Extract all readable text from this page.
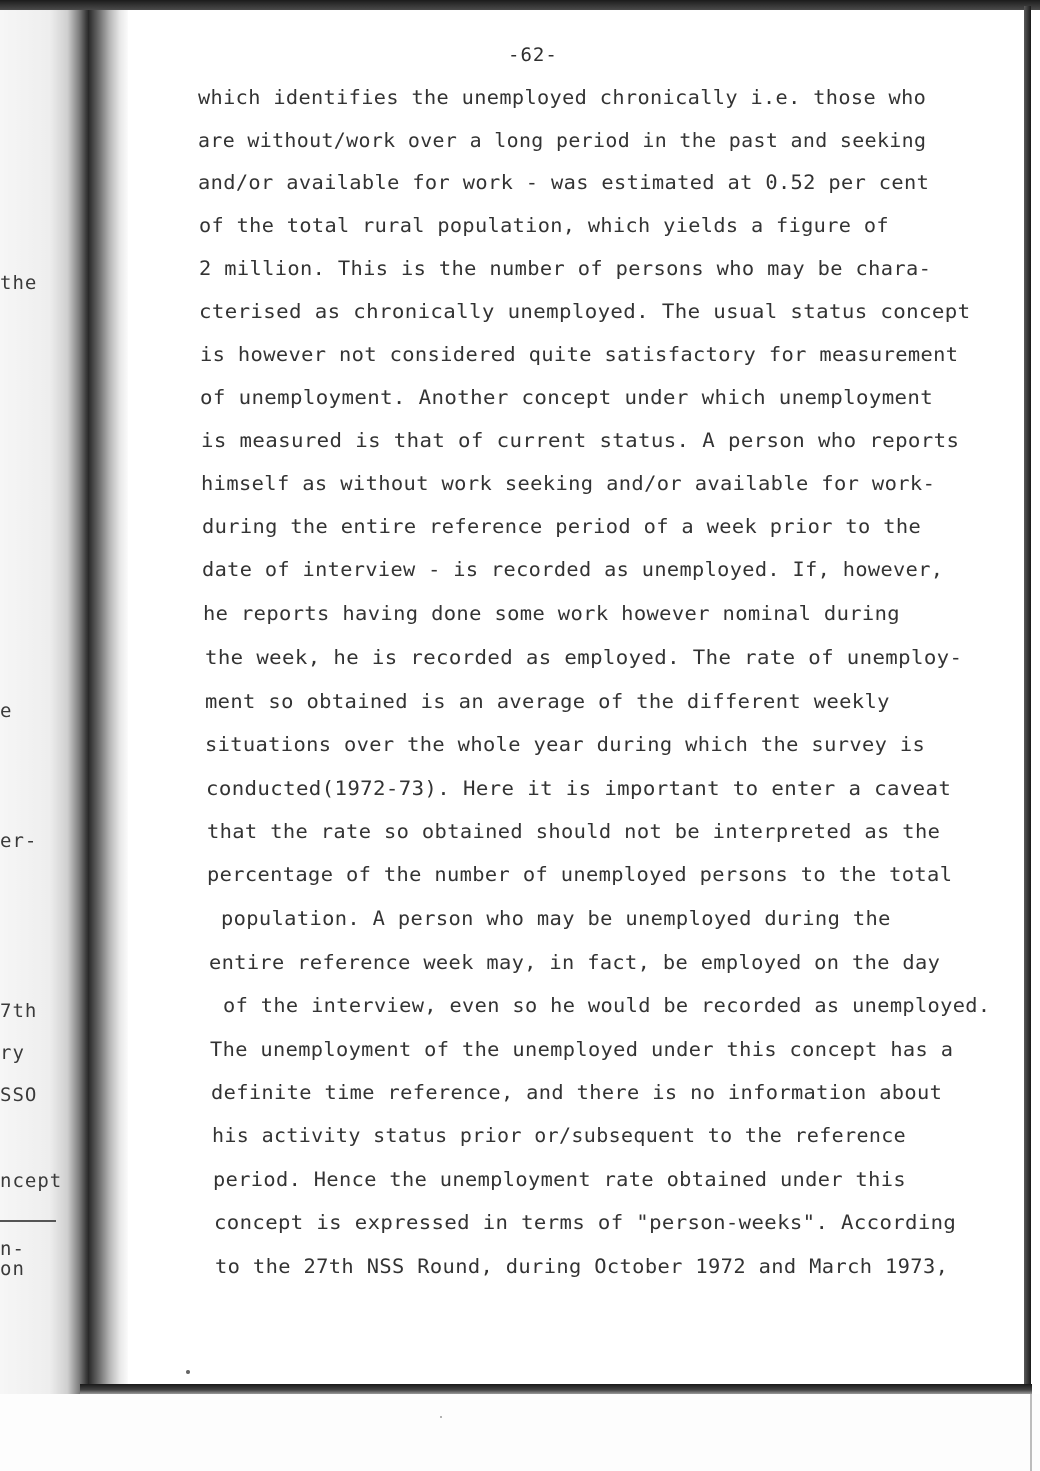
the
e
er-
7th
ry
SSO
ncept
n-
on
-62-
which identifies the unemployed chronically i.e. those who
are without/work over a long period in the past and seeking
and/or available for work - was estimated at 0.52 per cent
of the total rural population, which yields a figure of
2 million. This is the number of persons who may be chara-
cterised as chronically unemployed. The usual status concept
is however not considered quite satisfactory for measurement
of unemployment. Another concept under which unemployment
is measured is that of current status. A person who reports
himself as without work seeking and/or available for work-
during the entire reference period of a week prior to the
date of interview - is recorded as unemployed. If, however,
he reports having done some work however nominal during
the week, he is recorded as employed. The rate of unemploy-
ment so obtained is an average of the different weekly
situations over the whole year during which the survey is
conducted(1972-73). Here it is important to enter a caveat
that the rate so obtained should not be interpreted as the
percentage of the number of unemployed persons to the total
population. A person who may be unemployed during the
entire reference week may, in fact, be employed on the day
of the interview, even so he would be recorded as unemployed.
The unemployment of the unemployed under this concept has a
definite time reference, and there is no information about
his activity status prior or/subsequent to the reference
period. Hence the unemployment rate obtained under this
concept is expressed in terms of "person-weeks". According
to the 27th NSS Round, during October 1972 and March 1973,
